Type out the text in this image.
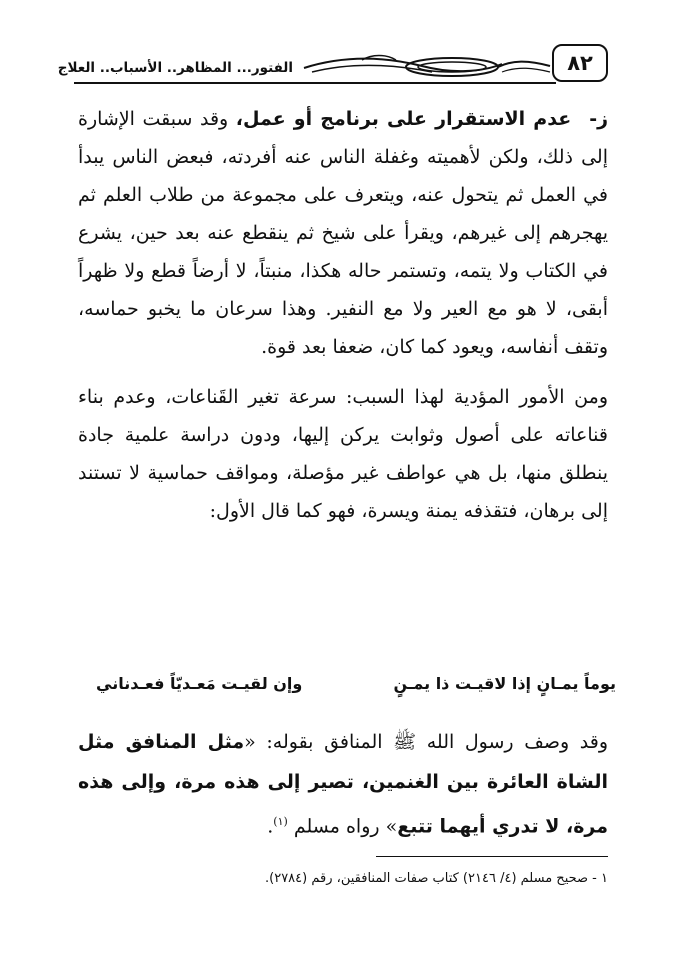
٨٢
الفتور... المظاهر.. الأسباب.. العلاج

ز-عدم الاستقرار على برنامج أو عمل، وقد سبقت الإشارة إلى ذلك، ولكن لأهميته وغفلة الناس عنه أفردته، فبعض الناس يبدأ في العمل ثم يتحول عنه، ويتعرف على مجموعة من طلاب العلم ثم يهجرهم إلى غيرهم، ويقرأ على شيخ ثم ينقطع عنه بعد حين، يشرع في الكتاب ولا يتمه، وتستمر حاله هكذا، منبتاً، لا أرضاً قطع ولا ظهراً أبقى، لا هو مع العير ولا مع النفير. وهذا سرعان ما يخبو حماسه، وتقف أنفاسه، ويعود كما كان، ضعفا بعد قوة.

ومن الأمور المؤدية لهذا السبب: سرعة تغير القَناعات، وعدم بناء قناعاته على أصول وثوابت يركن إليها، ودون دراسة علمية جادة ينطلق منها، بل هي عواطف غير مؤصلة، ومواقف حماسية لا تستند إلى برهان، فتقذفه يمنة ويسرة، فهو كما قال الأول:

يوماً يمـانٍ إذا لاقيـت ذا يمـنٍ
وإن لقيـت مَعـديّاً فعـدناني

وقد وصف رسول الله ﷺ المنافق بقوله: «مثل المنافق مثل الشاة العائرة بين الغنمين، تصير إلى هذه مرة، وإلى هذه مرة، لا تدري أيهما تتبع» رواه مسلم $^{(١)}$.

١ - صحيح مسلم (٤/ ٢١٤٦) كتاب صفات المنافقين، رقم (٢٧٨٤).
